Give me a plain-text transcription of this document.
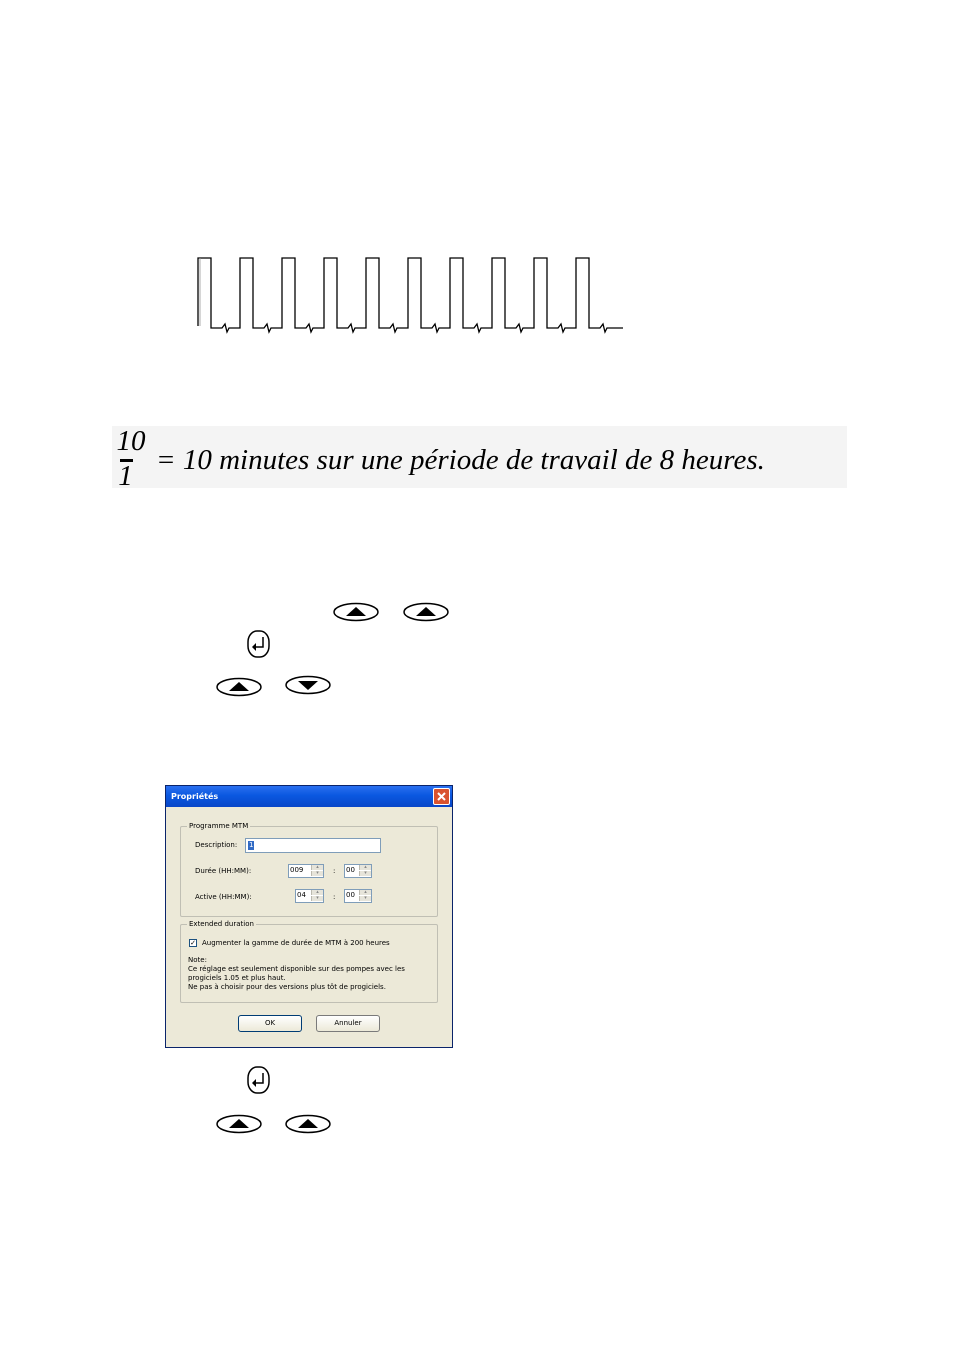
10
1 = 10 minutes sur une période de travail de 8 heures.
Propriétés
Programme MTM
Description: 1
Durée (HH:MM):	009	▴
▾	: 00	▴
▾
Active (HH:MM):	04	▴
▾	: 00	▴
▾
Extended duration
✓ Augmenter la gamme de durée de MTM à 200 heures
Note:
Ce réglage est seulement disponible sur des pompes avec les
progiciels 1.05 et plus haut.
Ne pas à choisir pour des versions plus tôt de progiciels.
OK	Annuler
